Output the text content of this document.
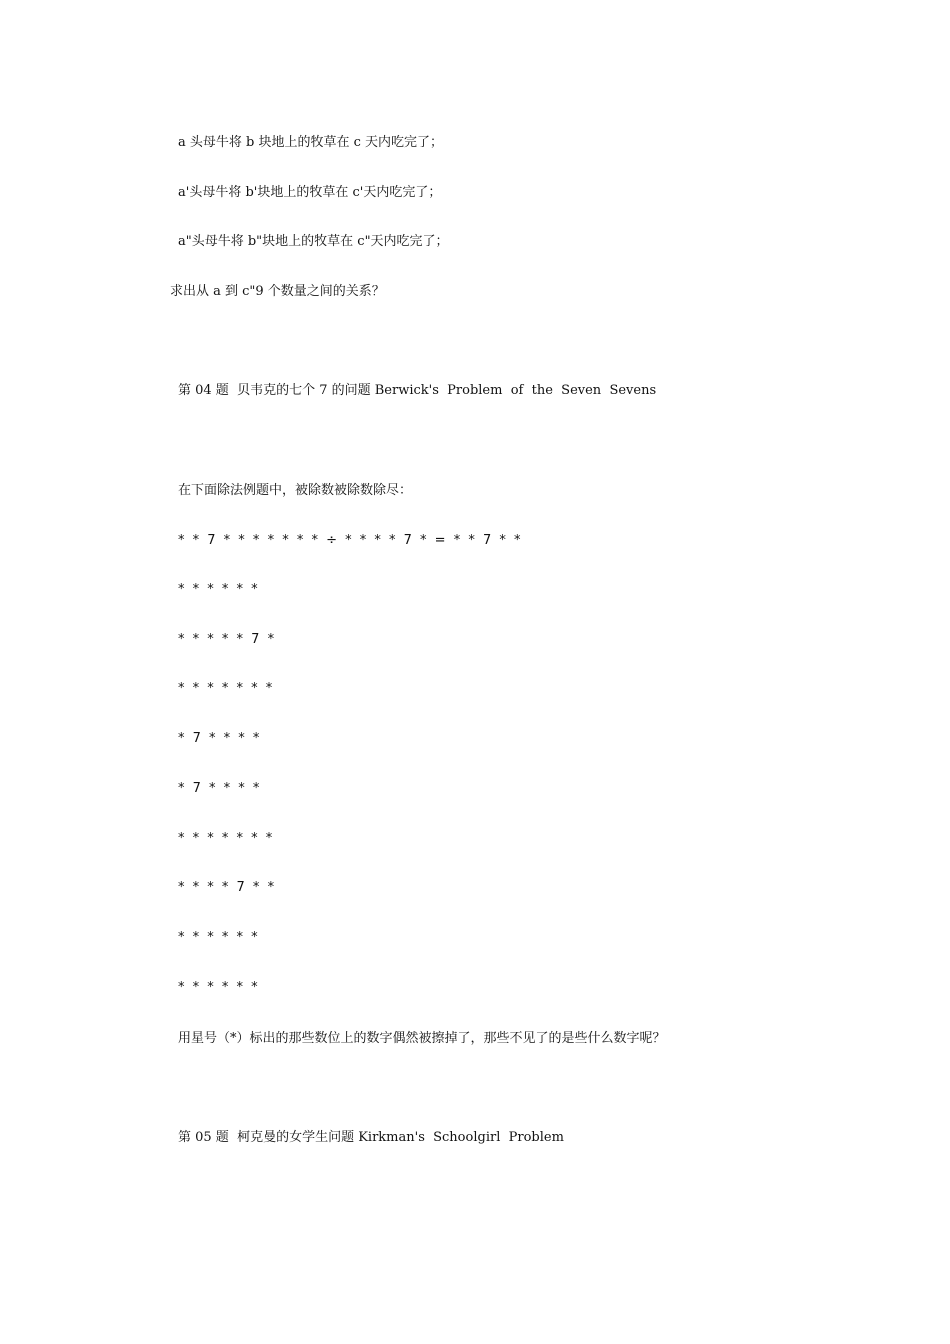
a 头母牛将 b 块地上的牧草在 c 天内吃完了；

a'头母牛将 b'块地上的牧草在 c'天内吃完了；

a"头母牛将 b"块地上的牧草在 c"天内吃完了；

求出从 a 到 c"9 个数量之间的关系？

第 04 题  贝韦克的七个 7 的问题 Berwick's  Problem  of  the  Seven  Sevens

在下面除法例题中，被除数被除数除尽：

* * 7 * * * * * * * ÷ * * * * 7 * = * * 7 * *

* * * * * *

* * * * * 7 *

* * * * * * *

* 7 * * * *

* 7 * * * *

* * * * * * *

* * * * 7 * *

* * * * * *

* * * * * *

用星号（*）标出的那些数位上的数字偶然被擦掉了，那些不见了的是些什么数字呢？

第 05 题  柯克曼的女学生问题 Kirkman's  Schoolgirl  Problem
